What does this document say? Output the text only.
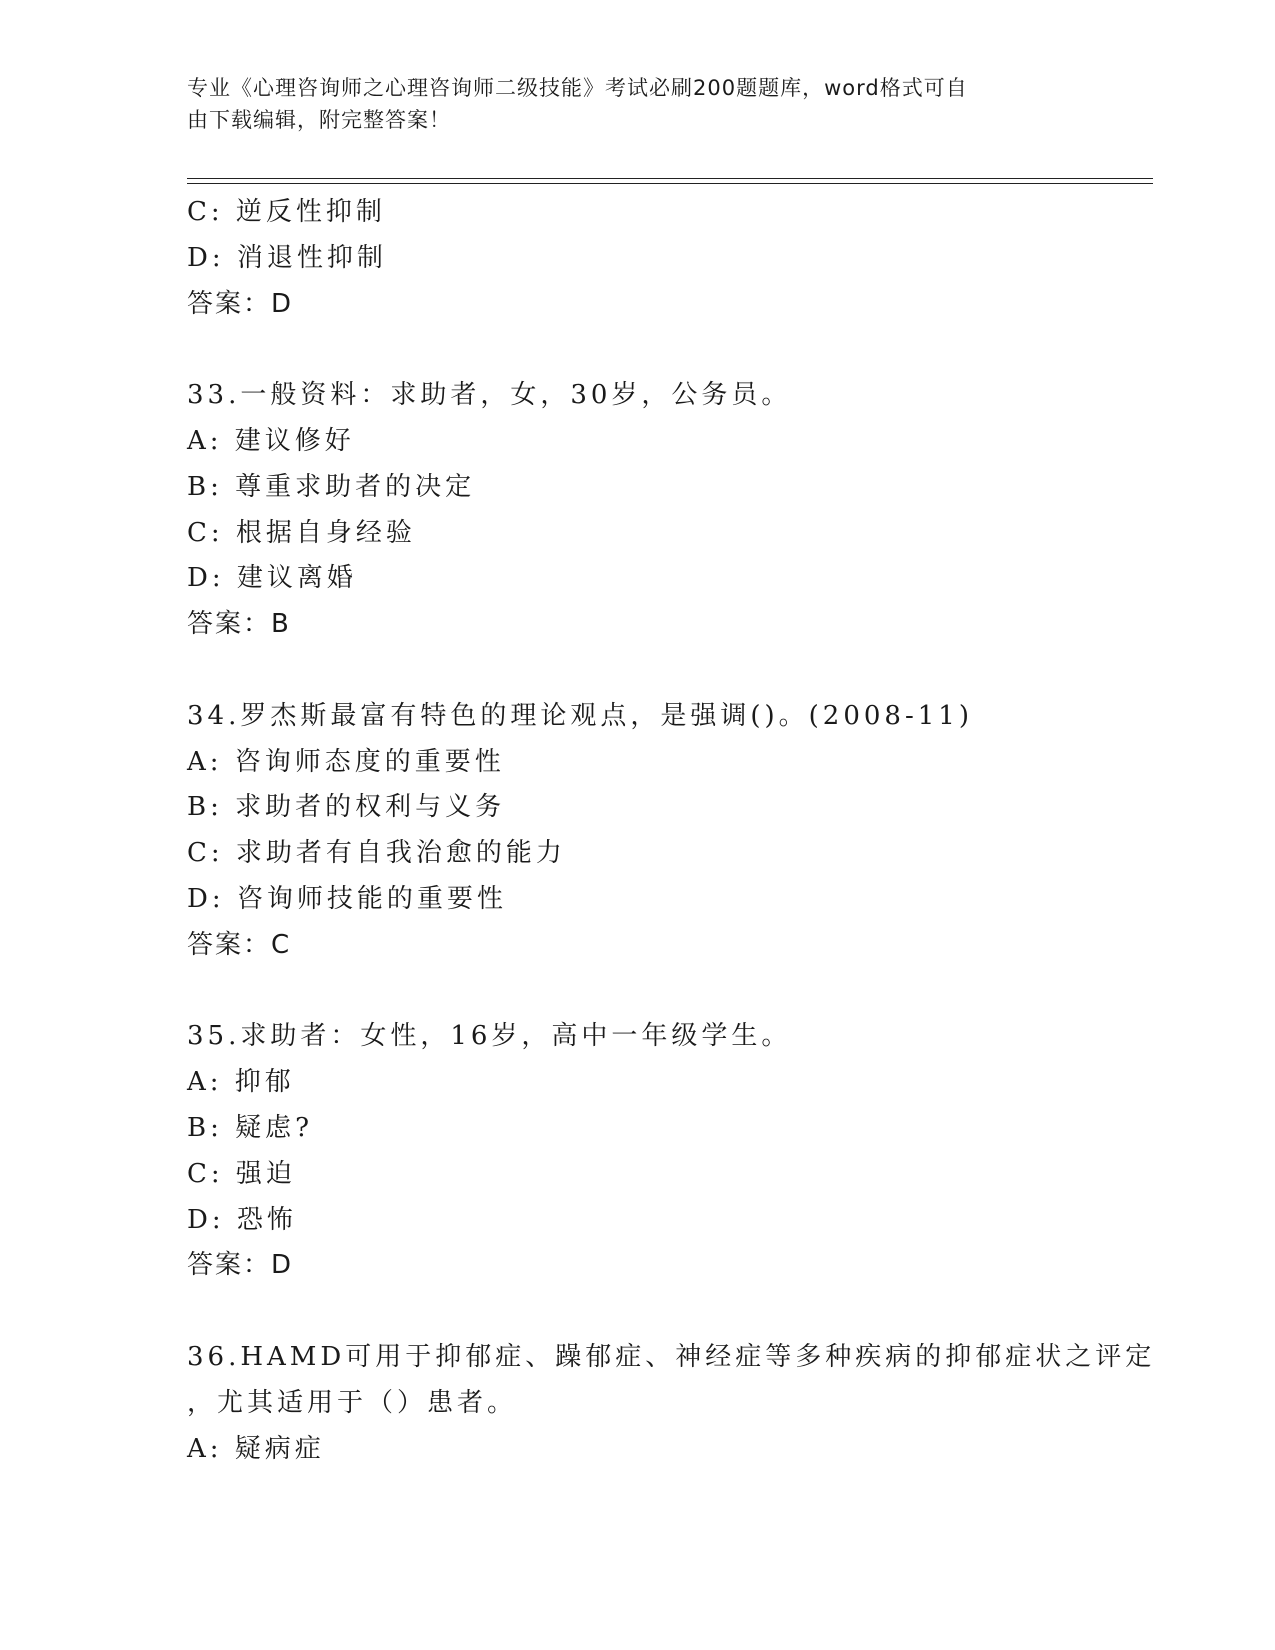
专业《心理咨询师之心理咨询师二级技能》考试必刷200题题库，word格式可自
由下载编辑，附完整答案！
C: 逆反性抑制
D: 消退性抑制
答案：D
33.一般资料：求助者，女，30岁，公务员。
A: 建议修好
B: 尊重求助者的决定
C: 根据自身经验
D: 建议离婚
答案：B
34.罗杰斯最富有特色的理论观点，是强调()。(2008-11)
A: 咨询师态度的重要性
B: 求助者的权利与义务
C: 求助者有自我治愈的能力
D: 咨询师技能的重要性
答案：C
35.求助者：女性，16岁，高中一年级学生。
A: 抑郁
B: 疑虑?
C: 强迫
D: 恐怖
答案：D
36.HAMD可用于抑郁症、躁郁症、神经症等多种疾病的抑郁症状之评定
，尤其适用于（）患者。
A: 疑病症
